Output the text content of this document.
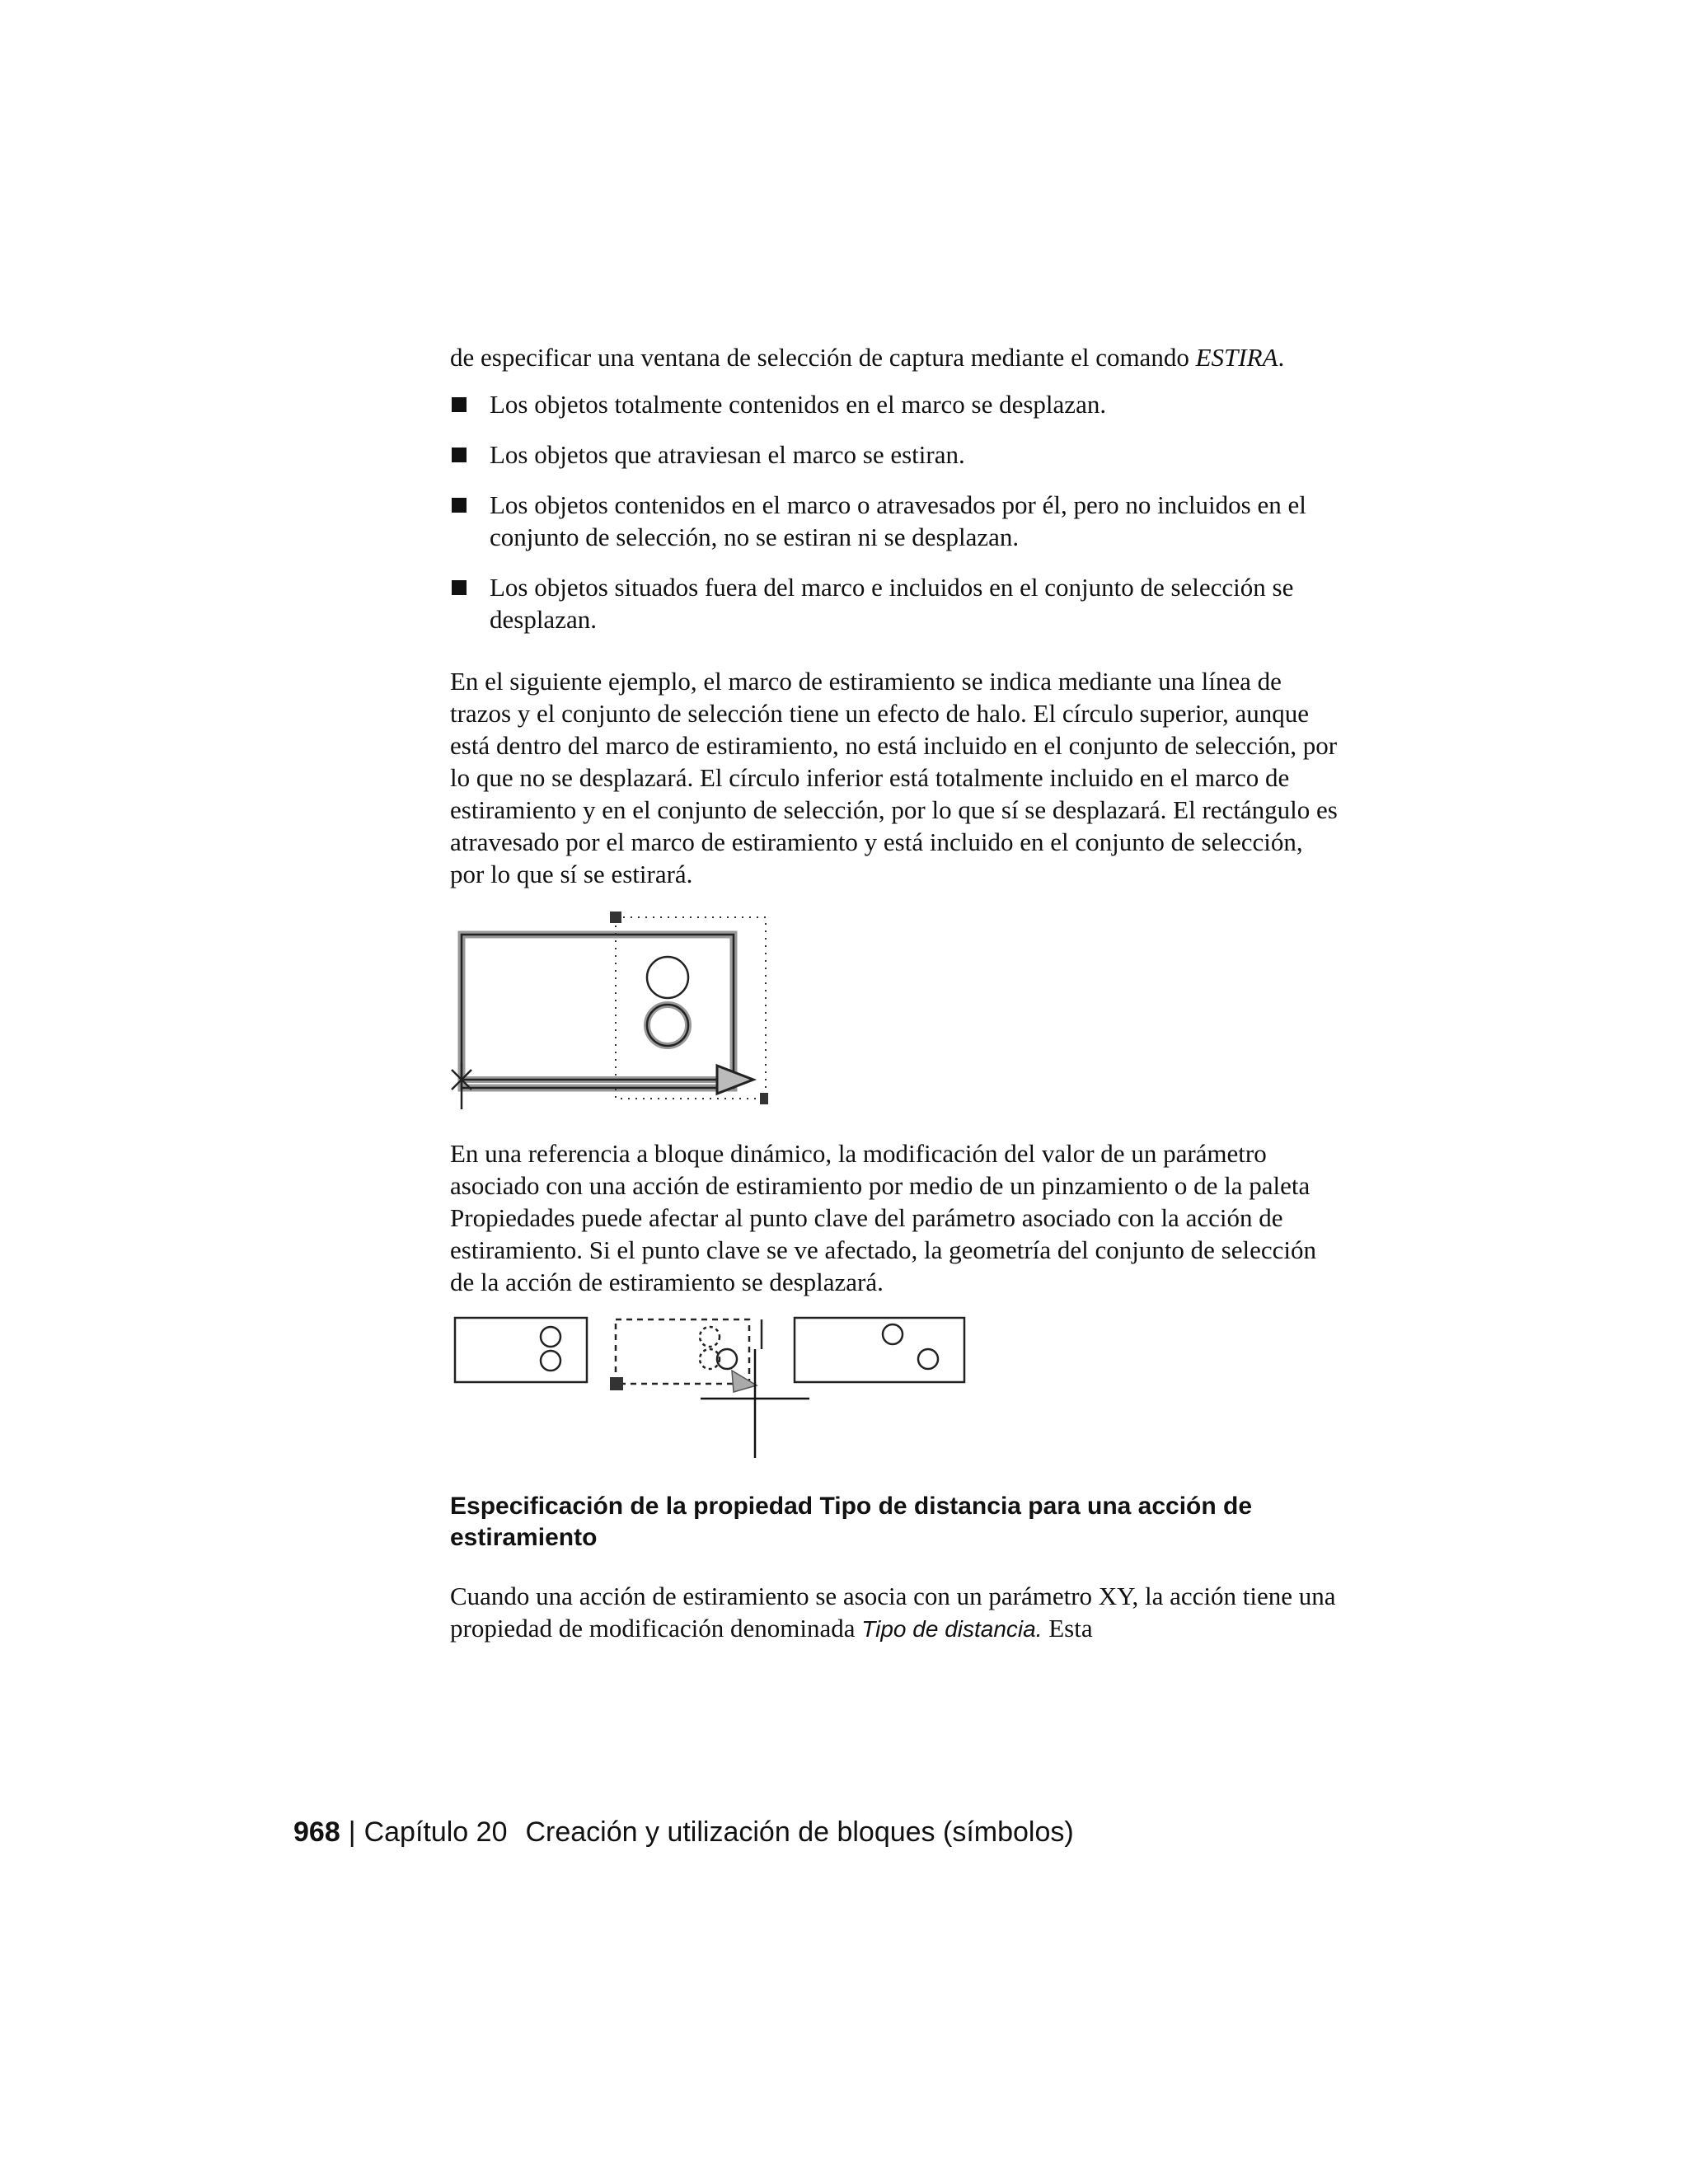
de especificar una ventana de selección de captura mediante el comando ESTIRA.

Los objetos totalmente contenidos en el marco se desplazan.
Los objetos que atraviesan el marco se estiran.
Los objetos contenidos en el marco o atravesados por él, pero no incluidos en el conjunto de selección, no se estiran ni se desplazan.
Los objetos situados fuera del marco e incluidos en el conjunto de selección se desplazan.

En el siguiente ejemplo, el marco de estiramiento se indica mediante una línea de trazos y el conjunto de selección tiene un efecto de halo. El círculo superior, aunque está dentro del marco de estiramiento, no está incluido en el conjunto de selección, por lo que no se desplazará. El círculo inferior está totalmente incluido en el marco de estiramiento y en el conjunto de selección, por lo que sí se desplazará. El rectángulo es atravesado por el marco de estiramiento y está incluido en el conjunto de selección, por lo que sí se estirará.

En una referencia a bloque dinámico, la modificación del valor de un parámetro asociado con una acción de estiramiento por medio de un pinzamiento o de la paleta Propiedades puede afectar al punto clave del parámetro asociado con la acción de estiramiento. Si el punto clave se ve afectado, la geometría del conjunto de selección de la acción de estiramiento se desplazará.

Especificación de la propiedad Tipo de distancia para una acción de estiramiento

Cuando una acción de estiramiento se asocia con un parámetro XY, la acción tiene una propiedad de modificación denominada Tipo de distancia. Esta

968 | Capítulo 20 Creación y utilización de bloques (símbolos)
